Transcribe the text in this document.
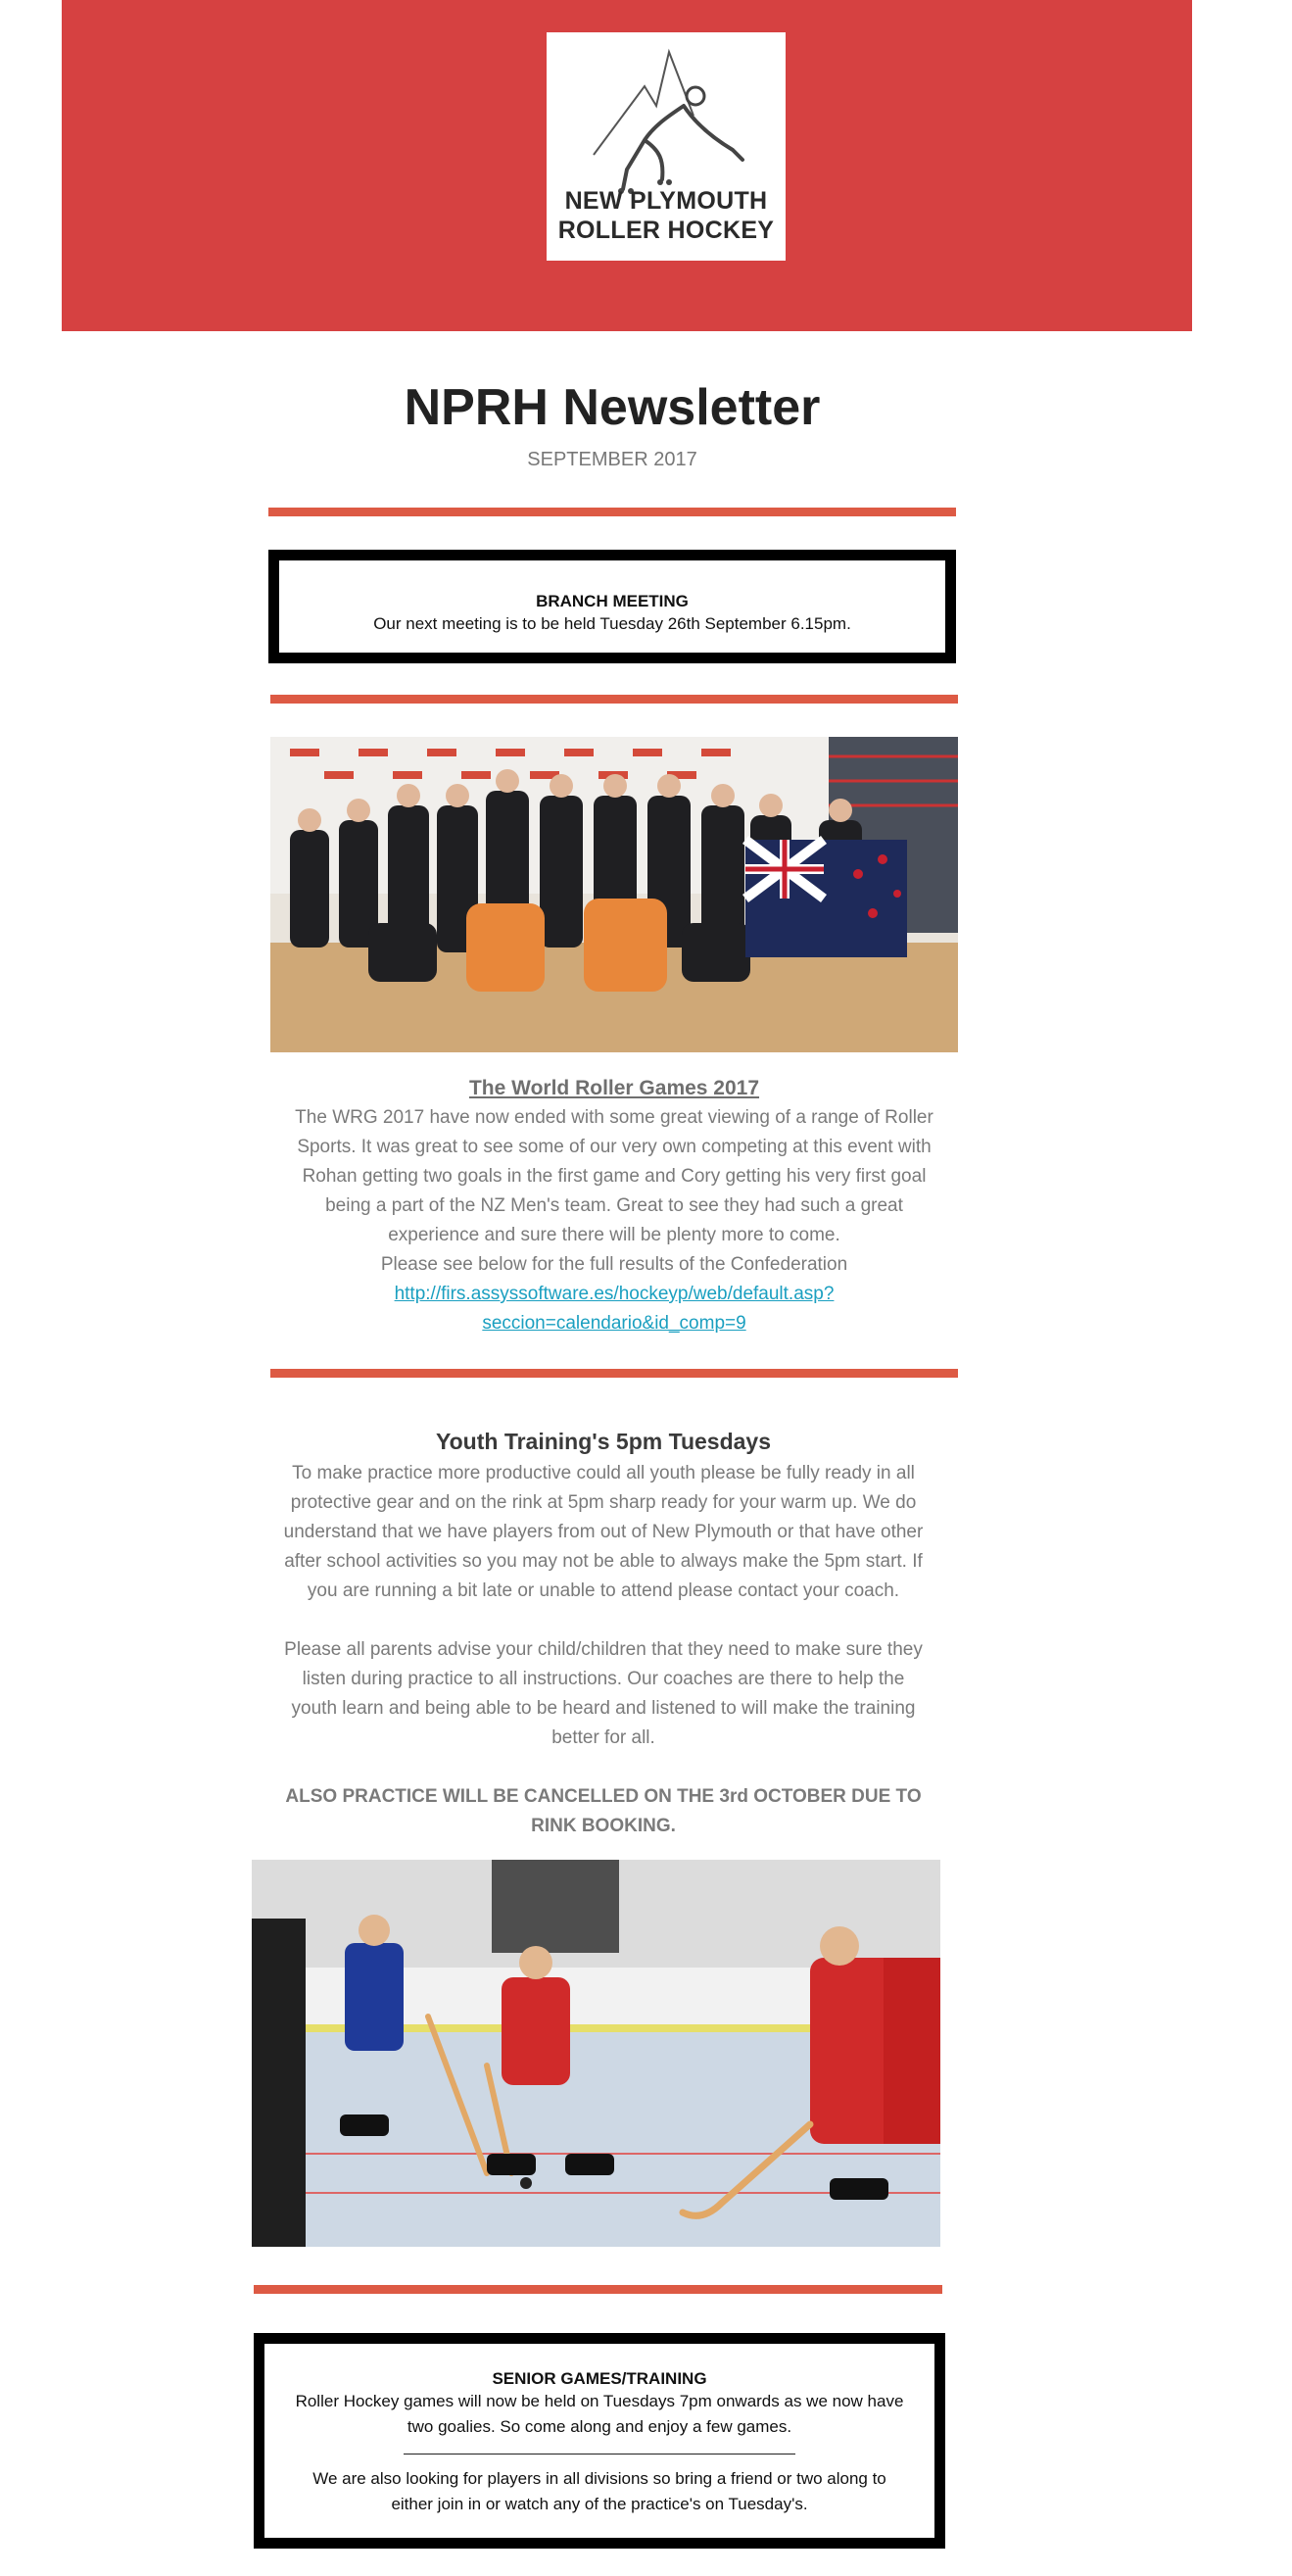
NEW PLYMOUTH
ROLLER HOCKEY
NPRH Newsletter
SEPTEMBER 2017
BRANCH MEETING
Our next meeting is to be held Tuesday 26th September 6.15pm.
The World Roller Games 2017
The WRG 2017 have now ended with some great viewing of a range of Roller
Sports. It was great to see some of our very own competing at this event with
Rohan getting two goals in the first game and Cory getting his very first goal
being a part of the NZ Men's team. Great to see they had such a great
experience and sure there will be plenty more to come.
Please see below for the full results of the Confederation
http://firs.assyssoftware.es/hockeyp/web/default.asp?
seccion=calendario&id_comp=9
Youth Training's 5pm Tuesdays
To make practice more productive could all youth please be fully ready in all
protective gear and on the rink at 5pm sharp ready for your warm up. We do
understand that we have players from out of New Plymouth or that have other
after school activities so you may not be able to always make the 5pm start. If
you are running a bit late or unable to attend please contact your coach.
Please all parents advise your child/children that they need to make sure they
listen during practice to all instructions. Our coaches are there to help the
youth learn and being able to be heard and listened to will make the training
better for all.
ALSO PRACTICE WILL BE CANCELLED ON THE 3rd OCTOBER DUE TO
RINK BOOKING.
SENIOR GAMES/TRAINING
Roller Hockey games will now be held on Tuesdays 7pm onwards as we now have
two goalies. So come along and enjoy a few games.
We are also looking for players in all divisions so bring a friend or two along to
either join in or watch any of the practice's on Tuesday's.
